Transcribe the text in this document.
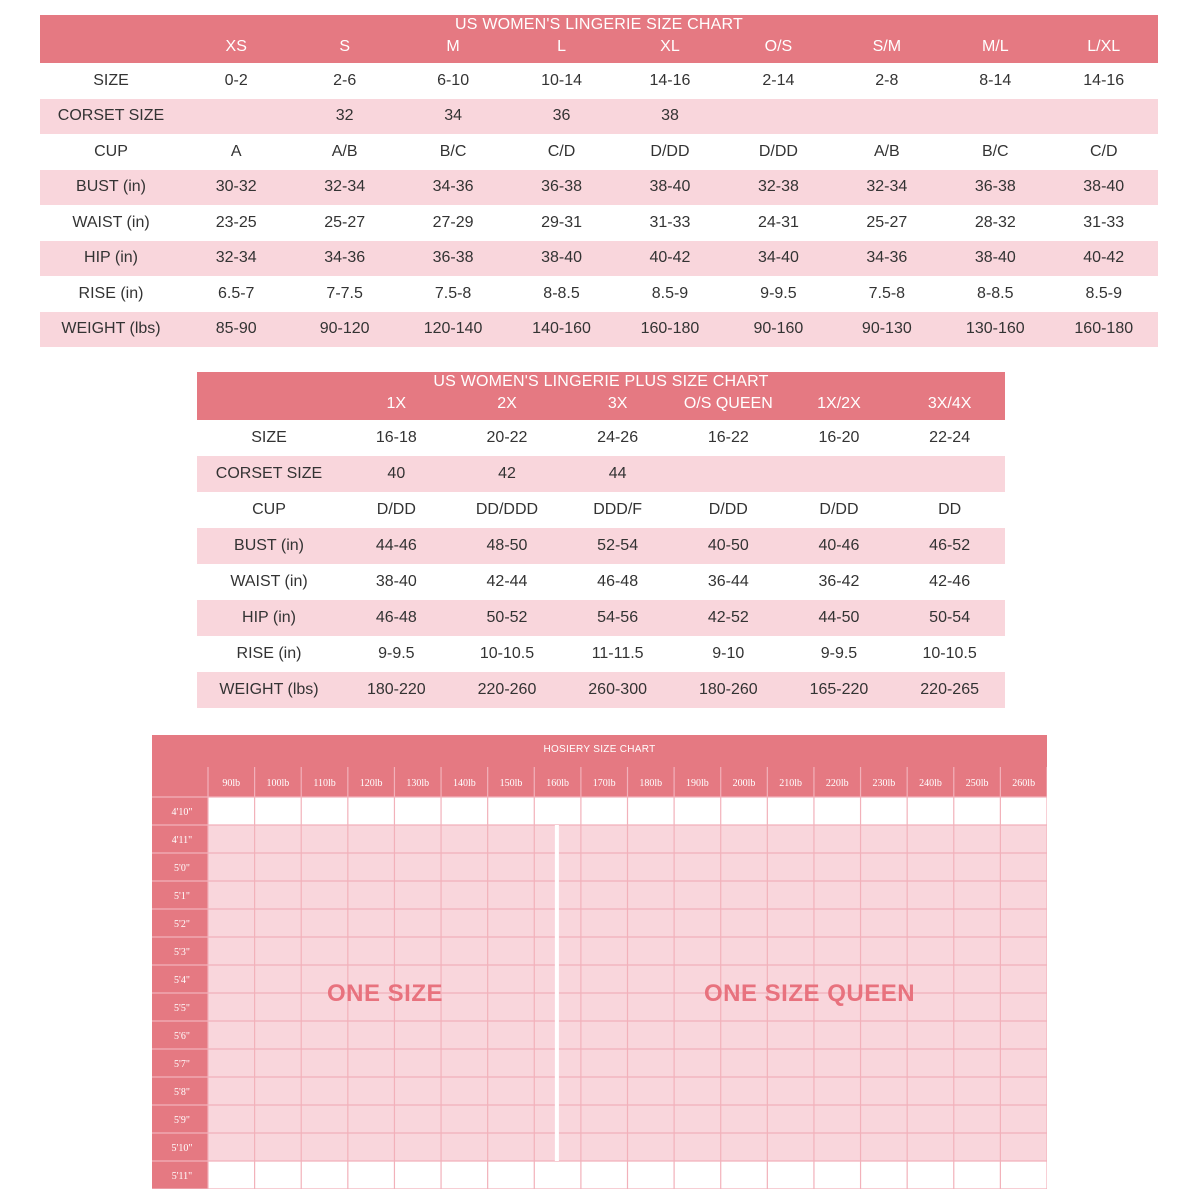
US WOMEN'S LINGERIE SIZE CHART									
	XS	S	M	L	XL	O/S	S/M	M/L	L/XL
SIZE	0-2	2-6	6-10	10-14	14-16	2-14	2-8	8-14	14-16
CORSET SIZE		32	34	36	38				
CUP	A	A/B	B/C	C/D	D/DD	D/DD	A/B	B/C	C/D
BUST (in)	30-32	32-34	34-36	36-38	38-40	32-38	32-34	36-38	38-40
WAIST (in)	23-25	25-27	27-29	29-31	31-33	24-31	25-27	28-32	31-33
HIP (in)	32-34	34-36	36-38	38-40	40-42	34-40	34-36	38-40	40-42
RISE (in)	6.5-7	7-7.5	7.5-8	8-8.5	8.5-9	9-9.5	7.5-8	8-8.5	8.5-9
WEIGHT (lbs)	85-90	90-120	120-140	140-160	160-180	90-160	90-130	130-160	160-180
US WOMEN'S LINGERIE PLUS SIZE CHART						
	1X	2X	3X	O/S QUEEN	1X/2X	3X/4X
SIZE	16-18	20-22	24-26	16-22	16-20	22-24
CORSET SIZE	40	42	44			
CUP	D/DD	DD/DDD	DDD/F	D/DD	D/DD	DD
BUST (in)	44-46	48-50	52-54	40-50	40-46	46-52
WAIST (in)	38-40	42-44	46-48	36-44	36-42	42-46
HIP (in)	46-48	50-52	54-56	42-52	44-50	50-54
RISE (in)	9-9.5	10-10.5	11-11.5	9-10	9-9.5	10-10.5
WEIGHT (lbs)	180-220	220-260	260-300	180-260	165-220	220-265
90lb	100lb 110lb 120lb 130lb 140lb 150lb 160lb 170lb 180lb 190lb 200lb 210lb 220lb 230lb 240lb 250lb 260lb
4'10"
4'11"
5'0"
5'1"
5'2"
5'3"
5'4"
5'5"
5'6"
5'7"
5'8"
5'9"
5'10"
5'11"
HOSIERY SIZE CHART
ONE SIZE	ONE SIZE QUEEN
